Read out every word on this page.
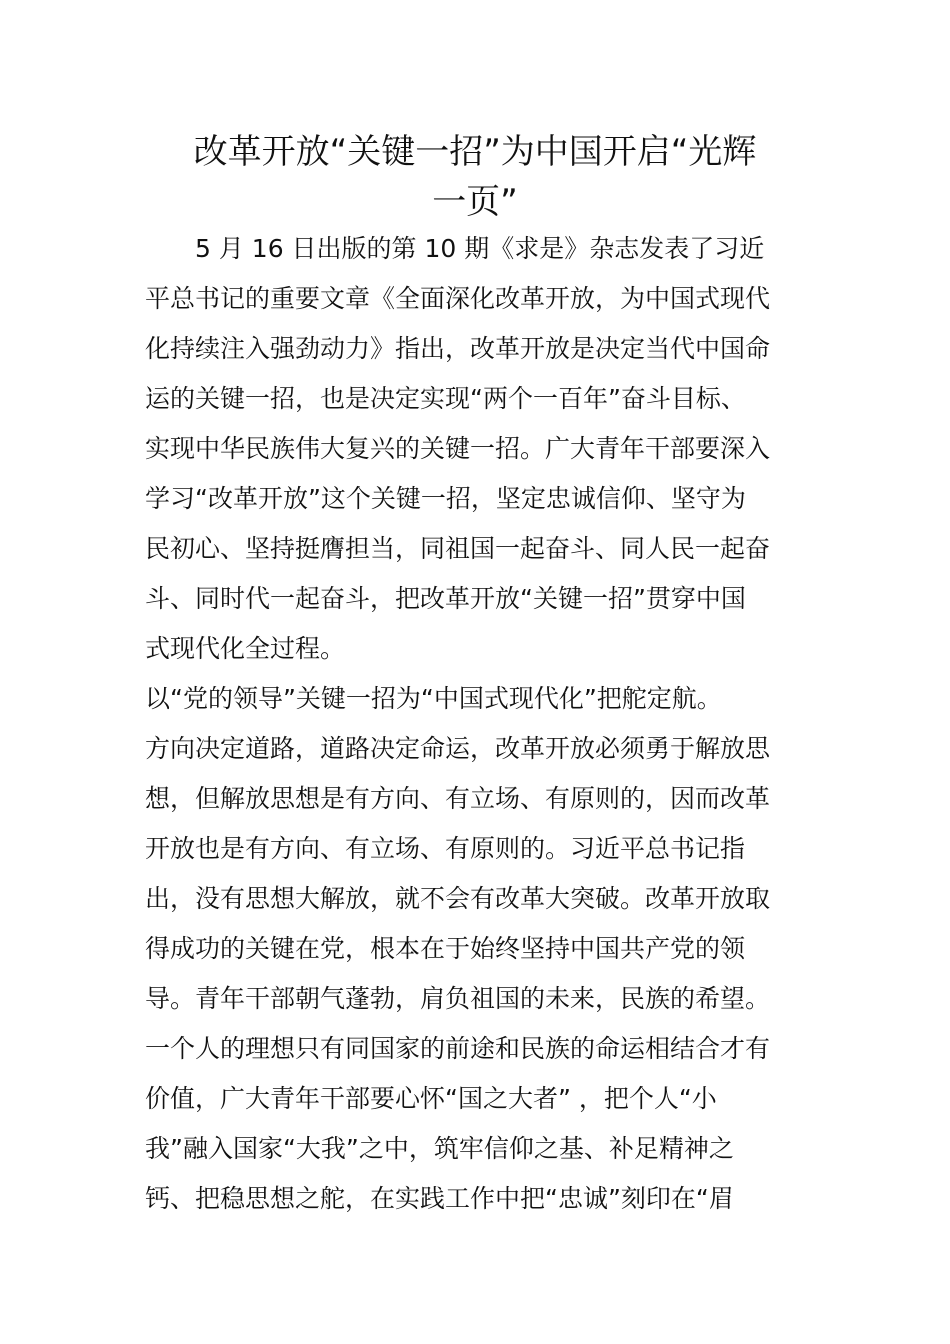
改革开放“关键一招”为中国开启“光辉
一页”
　　5 月 16 日出版的第 10 期《求是》杂志发表了习近
平总书记的重要文章《全面深化改革开放，为中国式现代
化持续注入强劲动力》指出，改革开放是决定当代中国命
运的关键一招，也是决定实现“两个一百年”奋斗目标、
实现中华民族伟大复兴的关键一招。广大青年干部要深入
学习“改革开放”这个关键一招，坚定忠诚信仰、坚守为
民初心、坚持挺膺担当，同祖国一起奋斗、同人民一起奋
斗、同时代一起奋斗，把改革开放“关键一招”贯穿中国
式现代化全过程。
以“党的领导”关键一招为“中国式现代化”把舵定航。
方向决定道路，道路决定命运，改革开放必须勇于解放思
想，但解放思想是有方向、有立场、有原则的，因而改革
开放也是有方向、有立场、有原则的。习近平总书记指
出，没有思想大解放，就不会有改革大突破。改革开放取
得成功的关键在党，根本在于始终坚持中国共产党的领
导。青年干部朝气蓬勃，肩负祖国的未来，民族的希望。
一个人的理想只有同国家的前途和民族的命运相结合才有
价值，广大青年干部要心怀“国之大者” ，把个人“小
我”融入国家“大我”之中，筑牢信仰之基、补足精神之
钙、把稳思想之舵，在实践工作中把“忠诚”刻印在“眉
